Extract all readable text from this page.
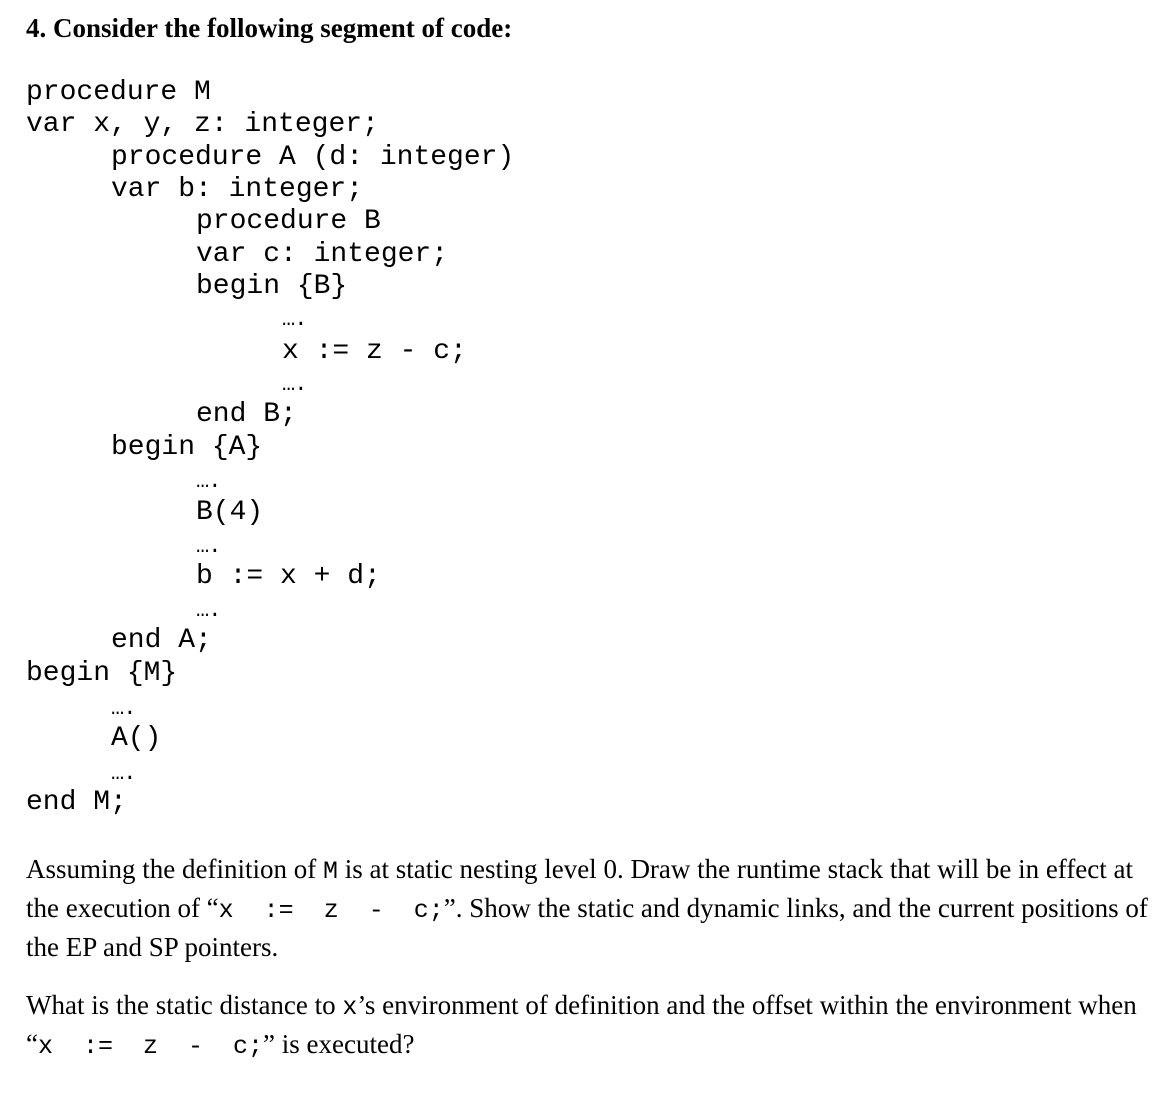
4. Consider the following segment of code:
procedure M
var x, y, z: integer;
procedure A (d: integer)
var b: integer;
procedure B
var c: integer;
begin {B}
….
x := z - c;
….
end B;
begin {A}
….
B(4)
….
b := x + d;
….
end A;
begin {M}
….
A()
….
end M;

Assuming the definition of M is at static nesting level 0. Draw the runtime stack that will be in effect at the execution of “x  :=  z  -  c;”. Show the static and dynamic links, and the current positions of the EP and SP pointers.

What is the static distance to x’s environment of definition and the offset within the environment when “x  :=  z  -  c;” is executed?
